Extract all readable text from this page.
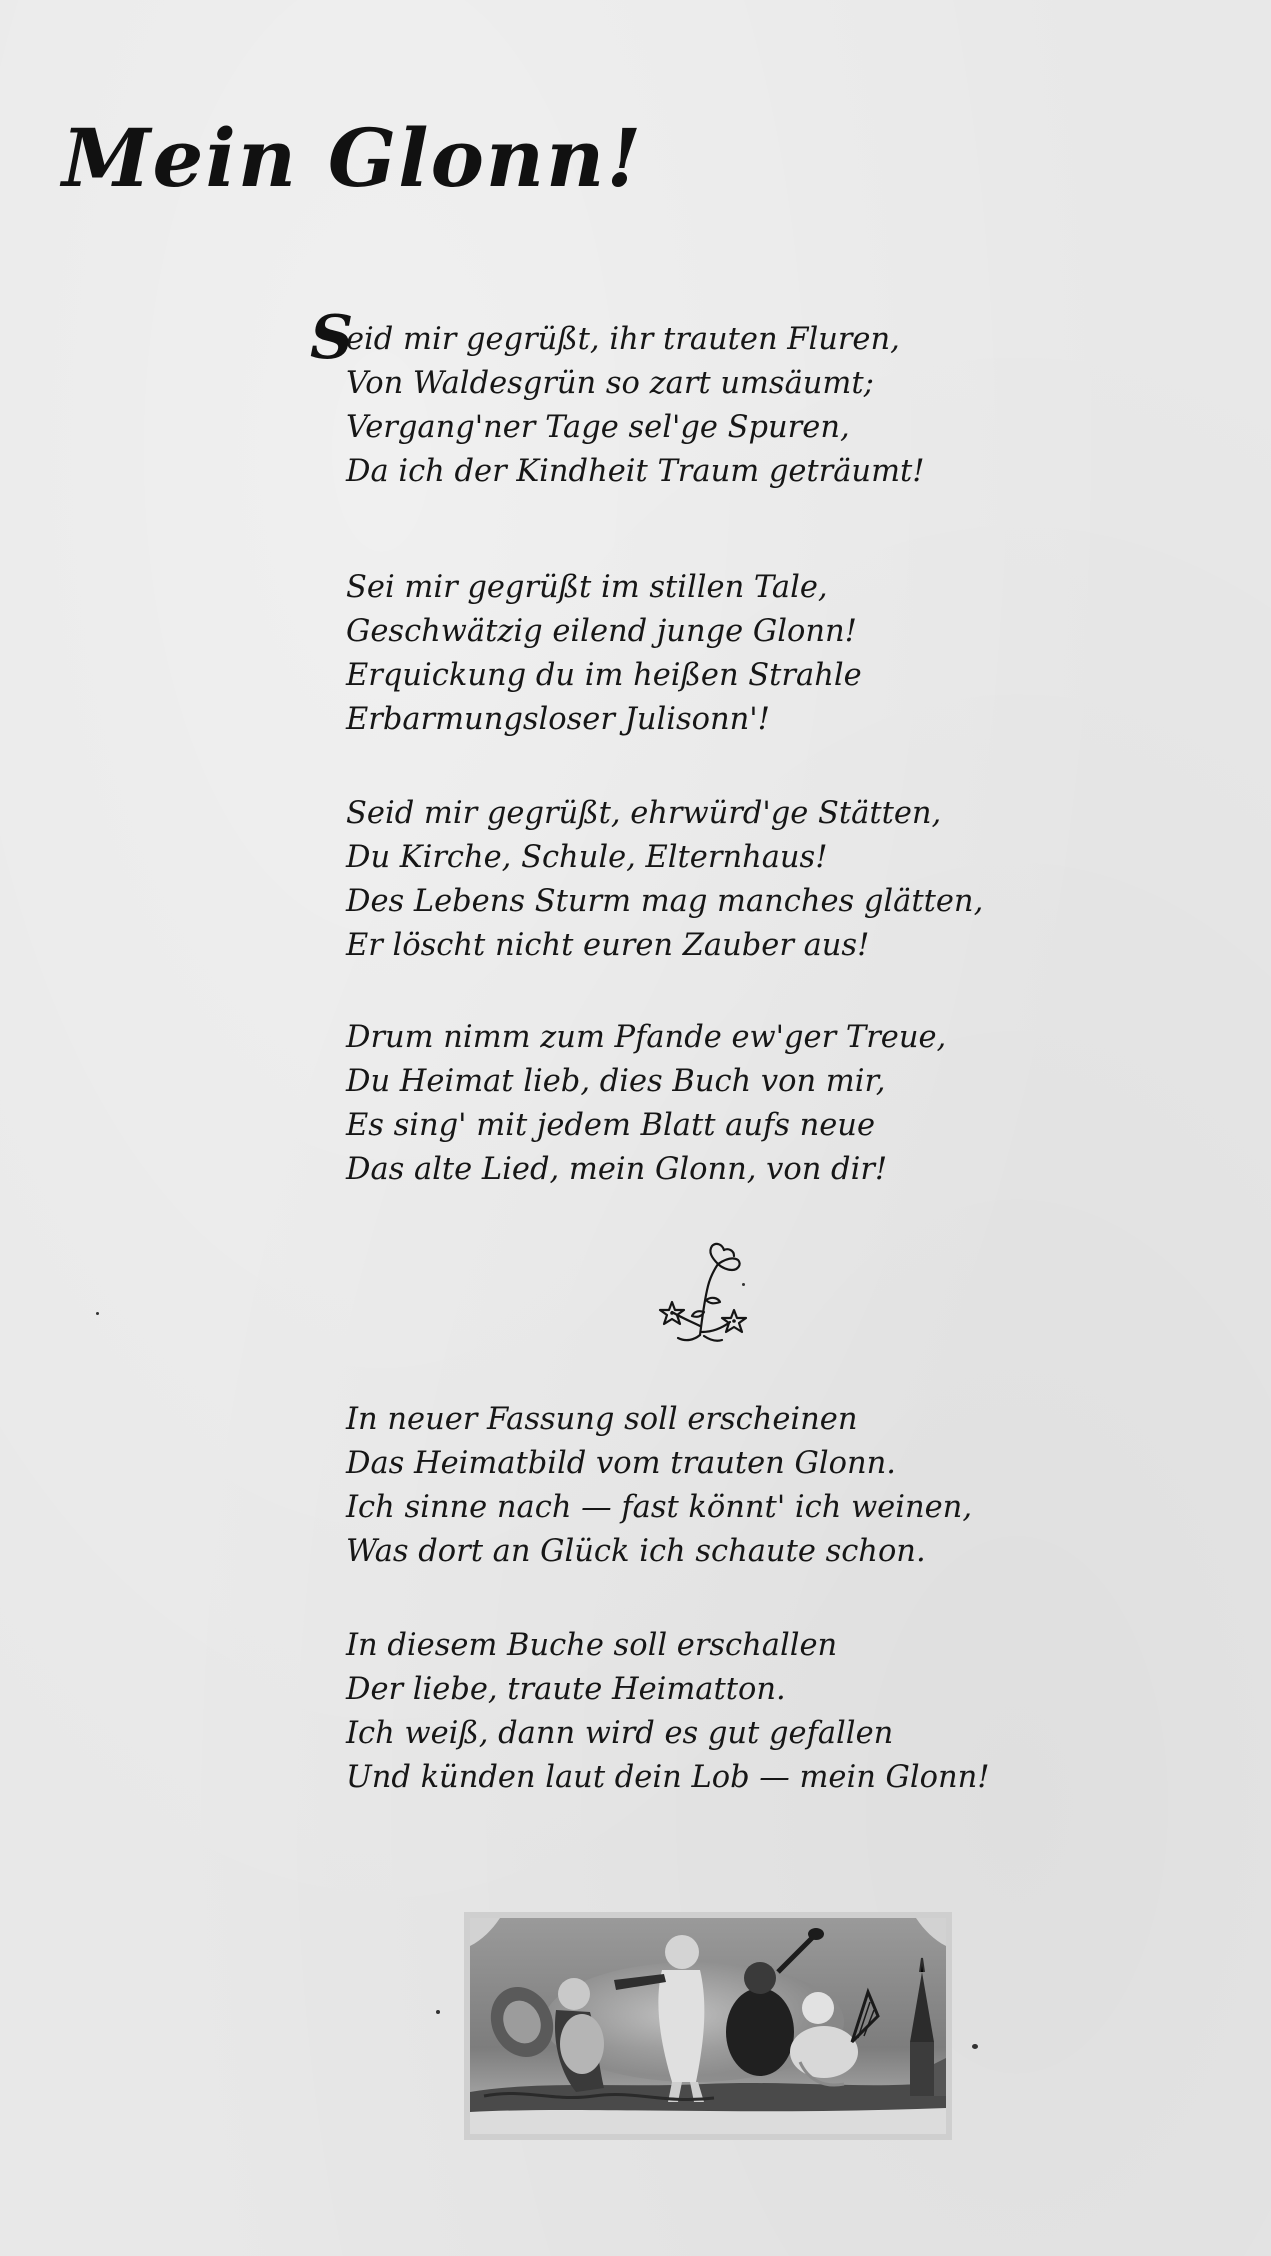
Mein Glonn!
S
eid mir gegrüßt, ihr trauten Fluren,
Von Waldesgrün so zart umsäumt;
Vergang'ner Tage sel'ge Spuren,
Da ich der Kindheit Traum geträumt!
Sei mir gegrüßt im stillen Tale,
Geschwätzig eilend junge Glonn!
Erquickung du im heißen Strahle
Erbarmungsloser Julisonn'!
Seid mir gegrüßt, ehrwürd'ge Stätten,
Du Kirche, Schule, Elternhaus!
Des Lebens Sturm mag manches glätten,
Er löscht nicht euren Zauber aus!
Drum nimm zum Pfande ew'ger Treue,
Du Heimat lieb, dies Buch von mir,
Es sing' mit jedem Blatt aufs neue
Das alte Lied, mein Glonn, von dir!
In neuer Fassung soll erscheinen
Das Heimatbild vom trauten Glonn.
Ich sinne nach — fast könnt' ich weinen,
Was dort an Glück ich schaute schon.
In diesem Buche soll erschallen
Der liebe, traute Heimatton.
Ich weiß, dann wird es gut gefallen
Und künden laut dein Lob — mein Glonn!
